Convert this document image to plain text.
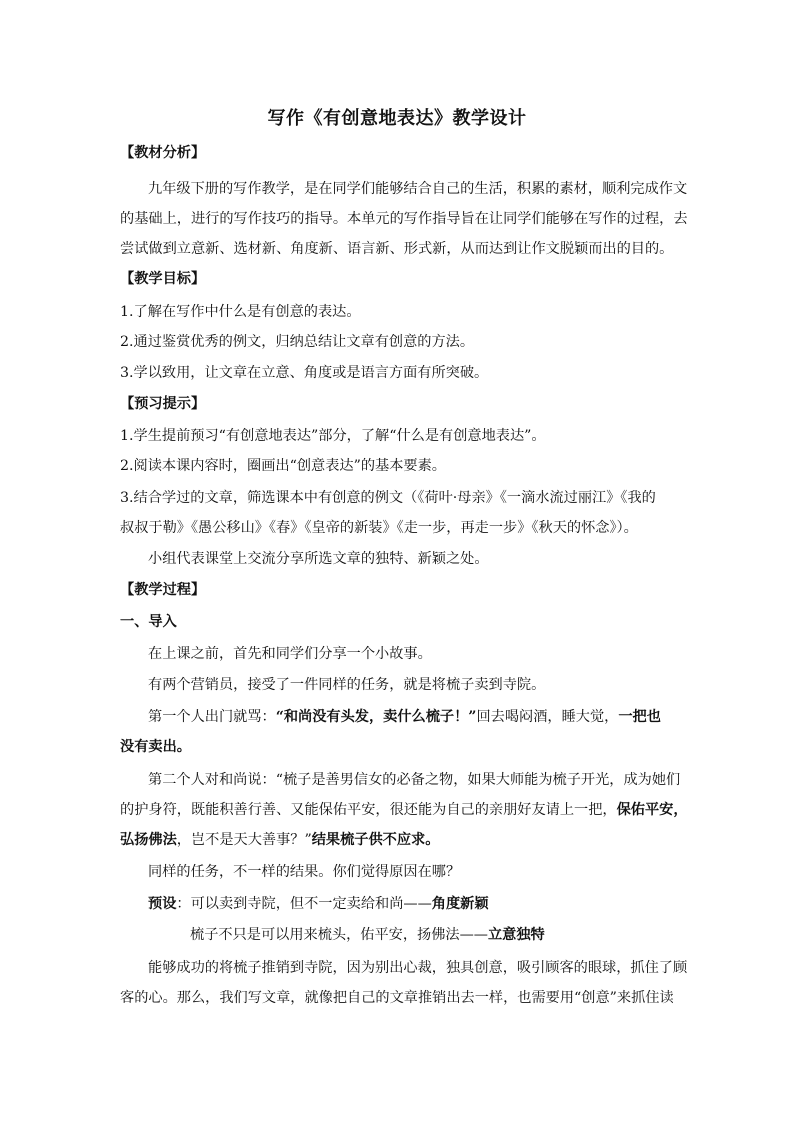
写作《有创意地表达》教学设计
【教材分析】
九年级下册的写作教学，是在同学们能够结合自己的生活，积累的素材，顺利完成作文
的基础上，进行的写作技巧的指导。本单元的写作指导旨在让同学们能够在写作的过程，去
尝试做到立意新、选材新、角度新、语言新、形式新，从而达到让作文脱颖而出的目的。
【教学目标】
1.了解在写作中什么是有创意的表达。
2.通过鉴赏优秀的例文，归纳总结让文章有创意的方法。
3.学以致用，让文章在立意、角度或是语言方面有所突破。
【预习提示】
1.学生提前预习“有创意地表达”部分，了解“什么是有创意地表达”。
2.阅读本课内容时，圈画出“创意表达”的基本要素。
3.结合学过的文章，筛选课本中有创意的例文（《荷叶·母亲》《一滴水流过丽江》《我的
叔叔于勒》《愚公移山》《春》《皇帝的新装》《走一步，再走一步》《秋天的怀念》）。
小组代表课堂上交流分享所选文章的独特、新颖之处。
【教学过程】
一、导入
在上课之前，首先和同学们分享一个小故事。
有两个营销员，接受了一件同样的任务，就是将梳子卖到寺院。
第一个人出门就骂：“和尚没有头发，卖什么梳子！”回去喝闷酒，睡大觉，一把也
没有卖出。
第二个人对和尚说：“梳子是善男信女的必备之物，如果大师能为梳子开光，成为她们
的护身符，既能积善行善、又能保佑平安，很还能为自己的亲朋好友请上一把，保佑平安，
弘扬佛法，岂不是天大善事？”结果梳子供不应求。
同样的任务，不一样的结果。你们觉得原因在哪？
预设：可以卖到寺院，但不一定卖给和尚——角度新颖
梳子不只是可以用来梳头，佑平安，扬佛法——立意独特
能够成功的将梳子推销到寺院，因为别出心裁，独具创意，吸引顾客的眼球，抓住了顾
客的心。那么，我们写文章，就像把自己的文章推销出去一样，也需要用“创意”来抓住读
